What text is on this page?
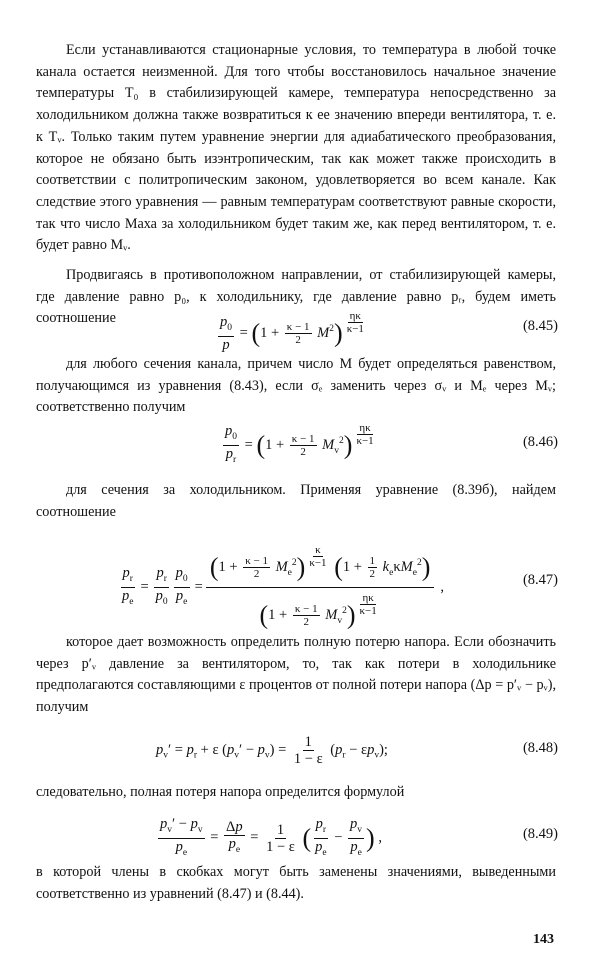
Если устанавливаются стационарные условия, то температура в любой точке канала остается неизменной. Для того чтобы восстановилось начальное значение температуры T₀ в стабилизирующей камере, температура непосредственно за холодильником должна также возвратиться к ее значению впереди вентилятора, т. е. к Tᵥ. Только таким путем уравнение энергии для адиабатического преобразования, которое не обязано быть изэнтропическим, так как может также происходить в соответствии с политропическим законом, удовлетворяется во всем канале. Как следствие этого уравнения — равным температурам соответствуют равные скорости, так что число Маха за холодильником будет таким же, как перед вентилятором, т. е. будет равно Mᵥ.

Продвигаясь в противоположном направлении, от стабилизирующей камеры, где давление равно p₀, к холодильнику, где давление равно pᵣ, будем иметь соотношение	$\frac{p_0}{p} = (1 + \frac{\kappa - 1}{2} M^2) \frac{\eta\kappa}{\kappa-1}$	(8.45)

для любого сечения канала, причем число M будет определяться равенством, получающимся из уравнения (8.43), если σₑ заменить через σᵥ и Mₑ через Mᵥ; соответственно получим

$\frac{p_0}{p_r} = (1 + \frac{\kappa - 1}{2} M_v^2) \frac{\eta\kappa}{\kappa-1}$	(8.46)

для сечения за холодильником. Применяя уравнение (8.39б), найдем соотношение

$\frac{p_r}{p_e} = \frac{p_r}{p_0} \frac{p_0}{p_e}$ =
$(1 + \frac{\kappa - 1}{2} M_e^2) \frac{\kappa}{\kappa-1} (1 + \frac{1}{2} k_e\kappa M_e^2)$
$(1 + \frac{\kappa - 1}{2} M_v^2) \frac{\eta\kappa}{\kappa-1}$
,	(8.47)

которое дает возможность определить полную потерю напора. Если обозначить через p′ᵥ давление за вентилятором, то, так как потери в холодильнике предполагаются составляющими ε процентов от полной потери напора (Δp = p′ᵥ − pᵥ), получим

$p_v' = p_r + \varepsilon$ $(p_v' - p_v) = \frac{1}{1 - \varepsilon} (p_r - \varepsilon p_v)$;	(8.48)

следовательно, полная потеря напора определится формулой

$\frac{p_v' - p_v}{p_e} = \frac{\Delta p}{p_e} = \frac{1}{1 - \varepsilon}$ ( $\frac{p_r}{p_e} - \frac{p_v}{p_e}$ ) ,	(8.49)

в которой члены в скобках могут быть заменены значениями, выведенными соответственно из уравнений (8.47) и (8.44).

143
